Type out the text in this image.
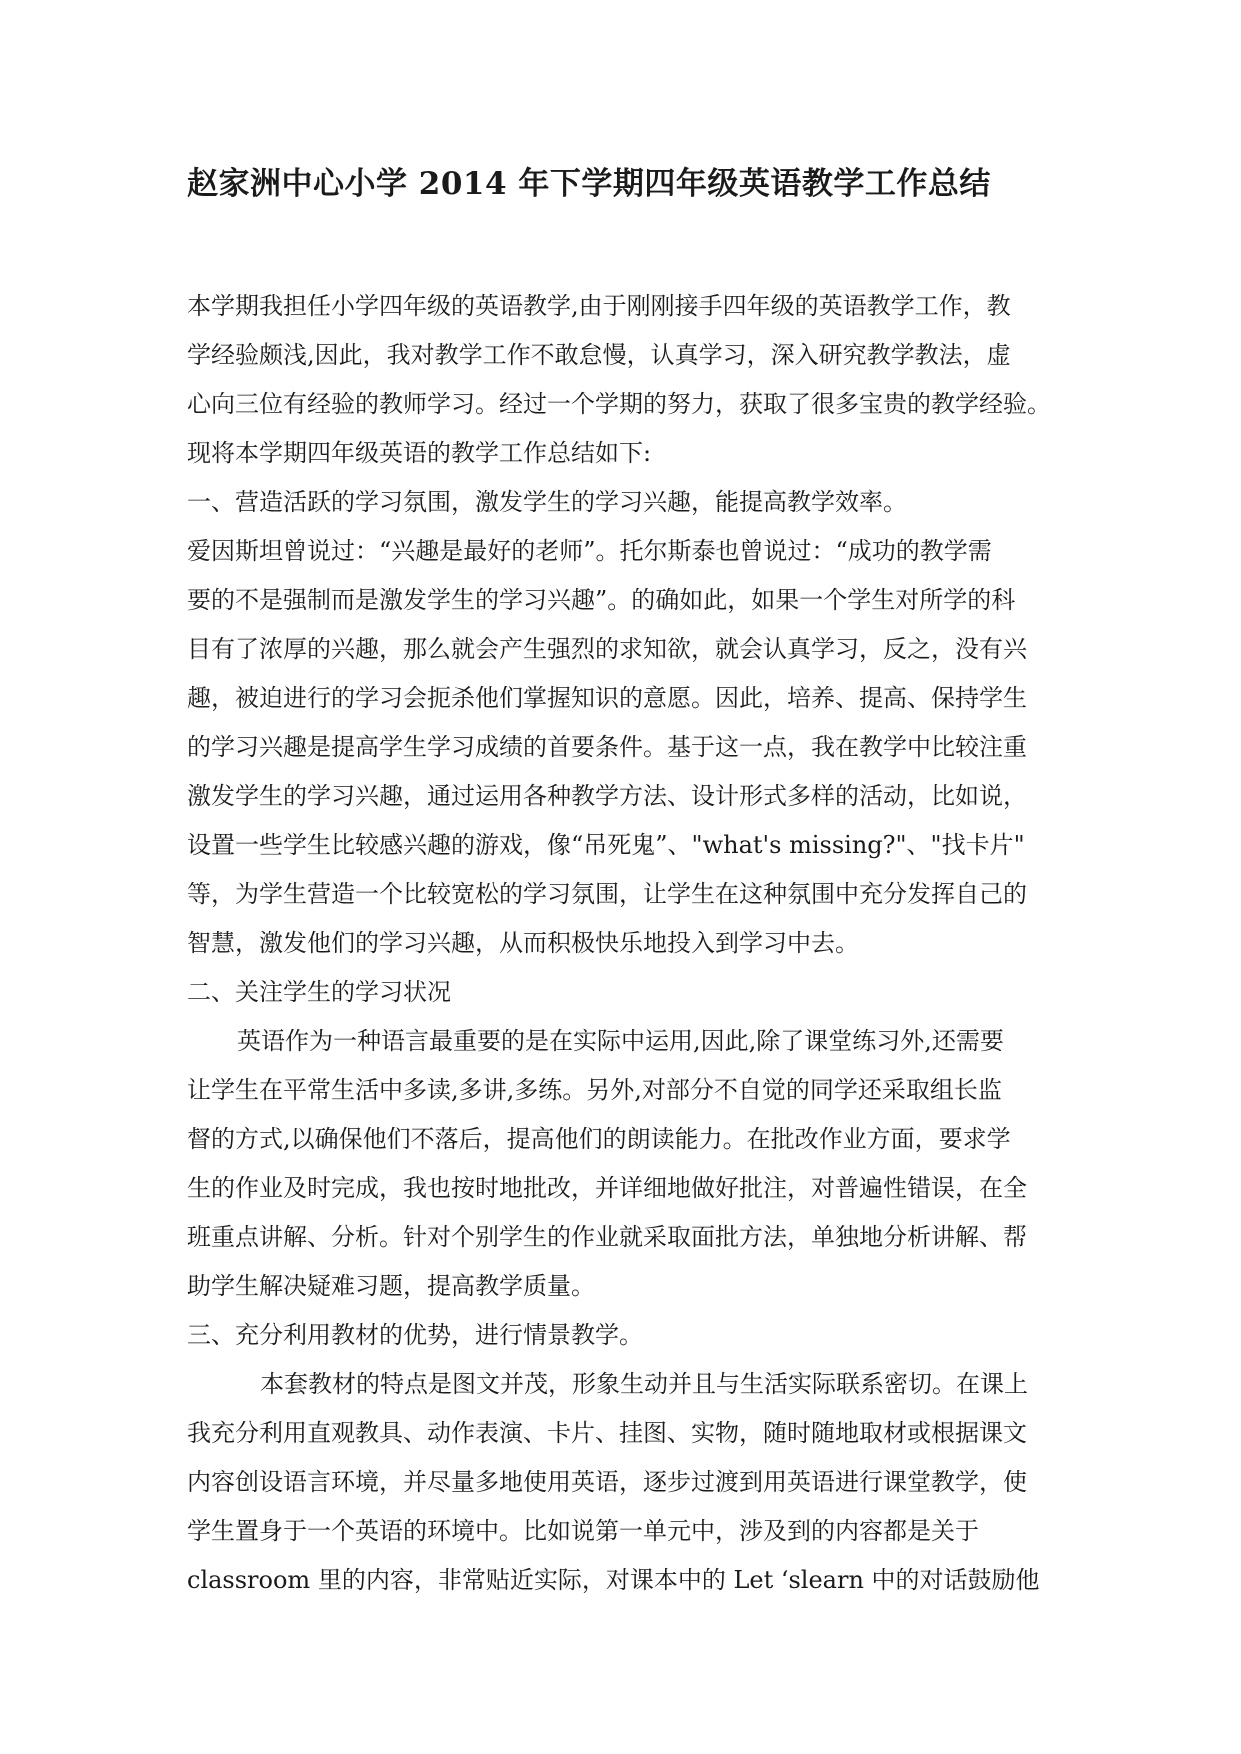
赵家洲中心小学 2014 年下学期四年级英语教学工作总结
本学期我担任小学四年级的英语教学,由于刚刚接手四年级的英语教学工作，教
学经验颇浅,因此，我对教学工作不敢怠慢，认真学习，深入研究教学教法，虚
心向三位有经验的教师学习。经过一个学期的努力，获取了很多宝贵的教学经验。
现将本学期四年级英语的教学工作总结如下:
一、营造活跃的学习氛围，激发学生的学习兴趣，能提高教学效率。
爱因斯坦曾说过：“兴趣是最好的老师”。托尔斯泰也曾说过：“成功的教学需
要的不是强制而是激发学生的学习兴趣”。的确如此，如果一个学生对所学的科
目有了浓厚的兴趣，那么就会产生强烈的求知欲，就会认真学习，反之，没有兴
趣，被迫进行的学习会扼杀他们掌握知识的意愿。因此，培养、提高、保持学生
的学习兴趣是提高学生学习成绩的首要条件。基于这一点，我在教学中比较注重
激发学生的学习兴趣，通过运用各种教学方法、设计形式多样的活动，比如说，
设置一些学生比较感兴趣的游戏，像“吊死鬼”、"what's missing?"、"找卡片"
等，为学生营造一个比较宽松的学习氛围，让学生在这种氛围中充分发挥自己的
智慧，激发他们的学习兴趣，从而积极快乐地投入到学习中去。
二、关注学生的学习状况
英语作为一种语言最重要的是在实际中运用,因此,除了课堂练习外,还需要
让学生在平常生活中多读,多讲,多练。另外,对部分不自觉的同学还采取组长监
督的方式,以确保他们不落后，提高他们的朗读能力。在批改作业方面，要求学
生的作业及时完成，我也按时地批改，并详细地做好批注，对普遍性错误，在全
班重点讲解、分析。针对个别学生的作业就采取面批方法，单独地分析讲解、帮
助学生解决疑难习题，提高教学质量。
三、充分利用教材的优势，进行情景教学。
本套教材的特点是图文并茂，形象生动并且与生活实际联系密切。在课上
我充分利用直观教具、动作表演、卡片、挂图、实物，随时随地取材或根据课文
内容创设语言环境，并尽量多地使用英语，逐步过渡到用英语进行课堂教学，使
学生置身于一个英语的环境中。比如说第一单元中，涉及到的内容都是关于
classroom 里的内容，非常贴近实际，对课本中的 Let ‘slearn 中的对话鼓励他
